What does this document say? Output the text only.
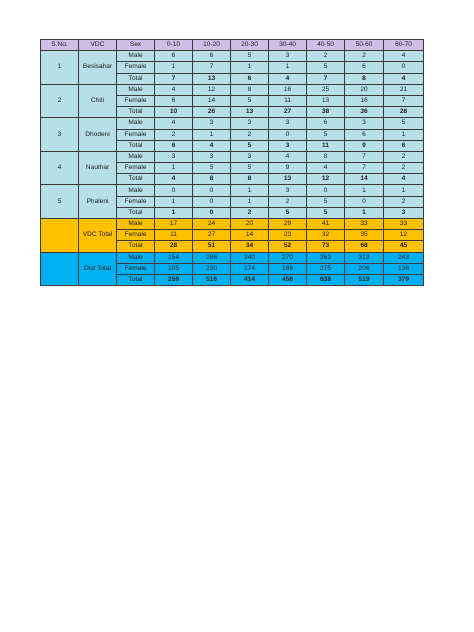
S.No.	VDC	Sex	0-10	10-20	20-30	30-40	40-50	50-60	60-70
1	Besisahar	Male	6	6	5	3	2	2	4
		Female	1	7	1	1	5	6	0
		Total	7	13	6	4	7	8	4
2	Chiti	Male	4	12	8	16	25	20	21
		Female	6	14	5	11	13	16	7
		Total	10	26	13	27	38	36	28
3	Dhodeni	Male	4	3	3	3	6	3	5
		Female	2	1	2	0	5	6	1
		Total	6	4	5	3	11	9	6
4	Nauthar	Male	3	3	3	4	8	7	2
		Female	1	5	5	9	4	7	2
		Total	4	8	8	13	12	14	4
5	Phaleni	Male	0	0	1	3	0	1	1
		Female	1	0	1	2	5	0	2
		Total	1	0	2	5	5	1	3
	VDC Total	Male	17	24	20	29	41	33	33
		Female	11	27	14	23	32	35	12
		Total	28	51	34	52	73	68	45
	Dist Total	Male	154	286	240	270	363	313	243
		Female	105	230	174	186	275	206	136
		Total	259	516	414	456	638	519	379
